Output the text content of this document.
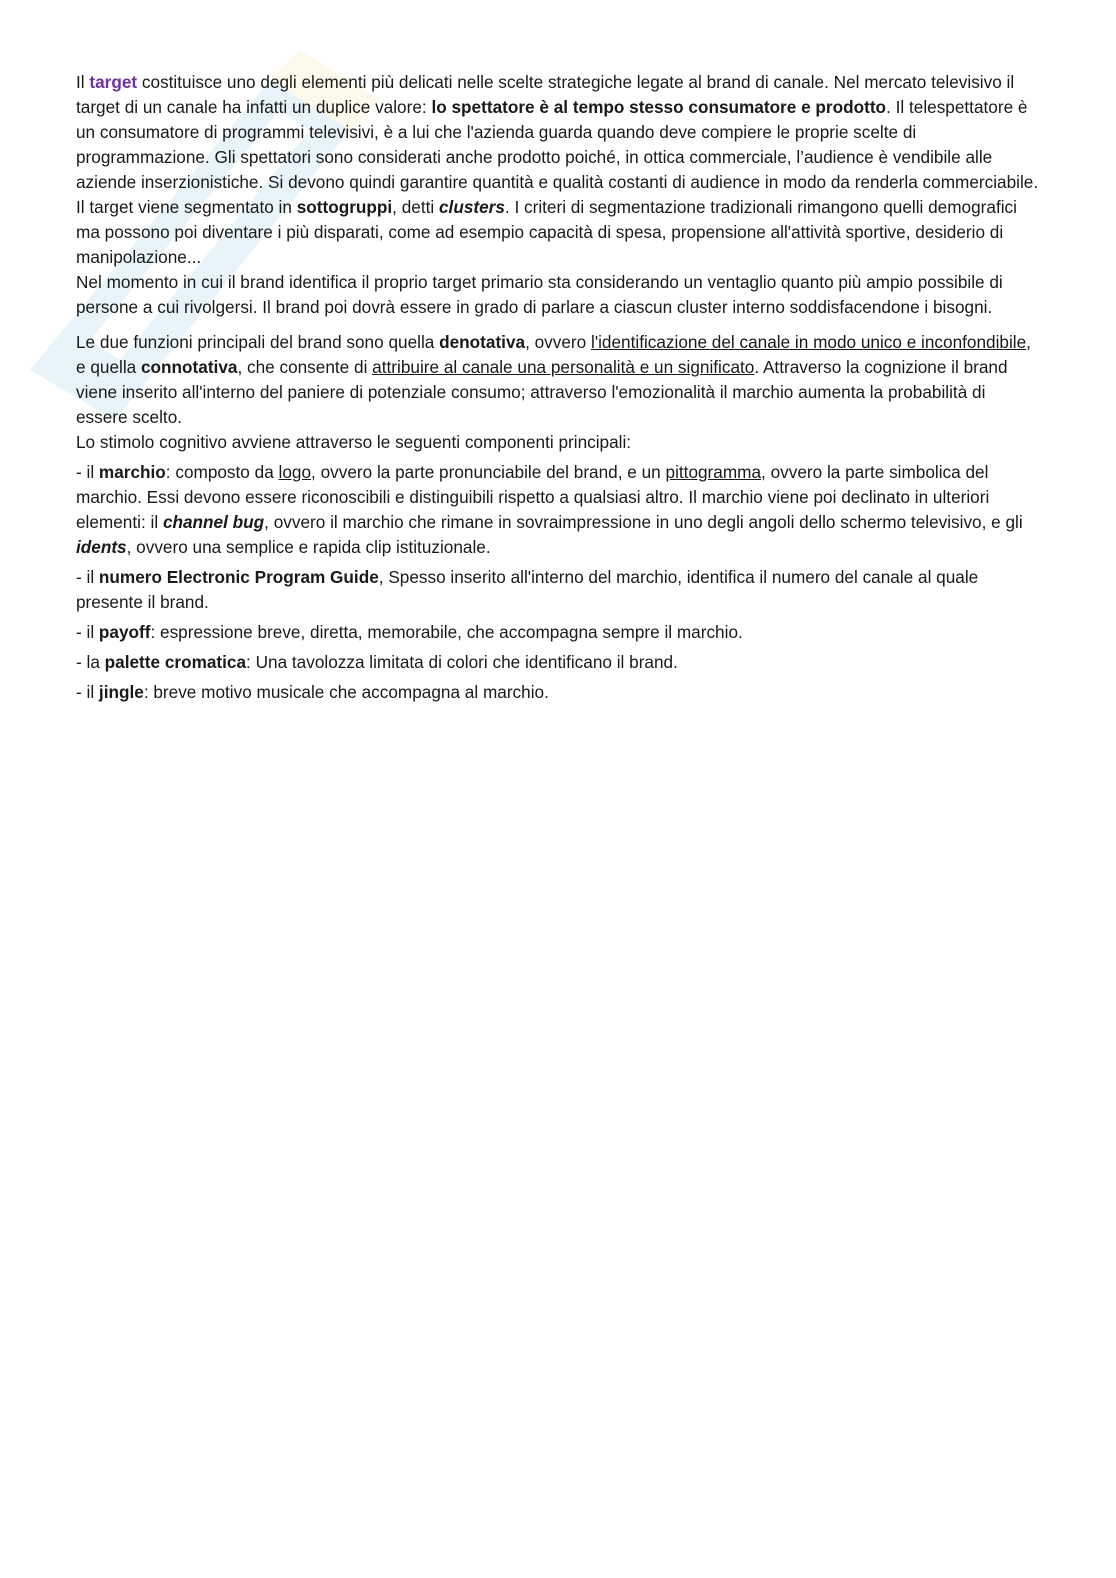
Il target costituisce uno degli elementi più delicati nelle scelte strategiche legate al brand di canale. Nel mercato televisivo il target di un canale ha infatti un duplice valore: lo spettatore è al tempo stesso consumatore e prodotto. Il telespettatore è un consumatore di programmi televisivi, è a lui che l'azienda guarda quando deve compiere le proprie scelte di programmazione. Gli spettatori sono considerati anche prodotto poiché, in ottica commerciale, l’audience è vendibile alle aziende inserzionistiche. Si devono quindi garantire quantità e qualità costanti di audience in modo da renderla commerciabile.

Il target viene segmentato in sottogruppi, detti clusters. I criteri di segmentazione tradizionali rimangono quelli demografici ma possono poi diventare i più disparati, come ad esempio capacità di spesa, propensione all'attività sportive, desiderio di manipolazione...

Nel momento in cui il brand identifica il proprio target primario sta considerando un ventaglio quanto più ampio possibile di persone a cui rivolgersi. Il brand poi dovrà essere in grado di parlare a ciascun cluster interno soddisfacendone i bisogni.

Le due funzioni principali del brand sono quella denotativa, ovvero l'identificazione del canale in modo unico e inconfondibile, e quella connotativa, che consente di attribuire al canale una personalità e un significato. Attraverso la cognizione il brand viene inserito all'interno del paniere di potenziale consumo; attraverso l'emozionalità il marchio aumenta la probabilità di essere scelto.

Lo stimolo cognitivo avviene attraverso le seguenti componenti principali:

- il marchio: composto da logo, ovvero la parte pronunciabile del brand, e un pittogramma, ovvero la parte simbolica del marchio. Essi devono essere riconoscibili e distinguibili rispetto a qualsiasi altro. Il marchio viene poi declinato in ulteriori elementi: il channel bug, ovvero il marchio che rimane in sovraimpressione in uno degli angoli dello schermo televisivo, e gli idents, ovvero una semplice e rapida clip istituzionale.

- il numero Electronic Program Guide, Spesso inserito all'interno del marchio, identifica il numero del canale al quale presente il brand.

- il payoff: espressione breve, diretta, memorabile, che accompagna sempre il marchio.

- la palette cromatica: Una tavolozza limitata di colori che identificano il brand.

- il jingle: breve motivo musicale che accompagna al marchio.
